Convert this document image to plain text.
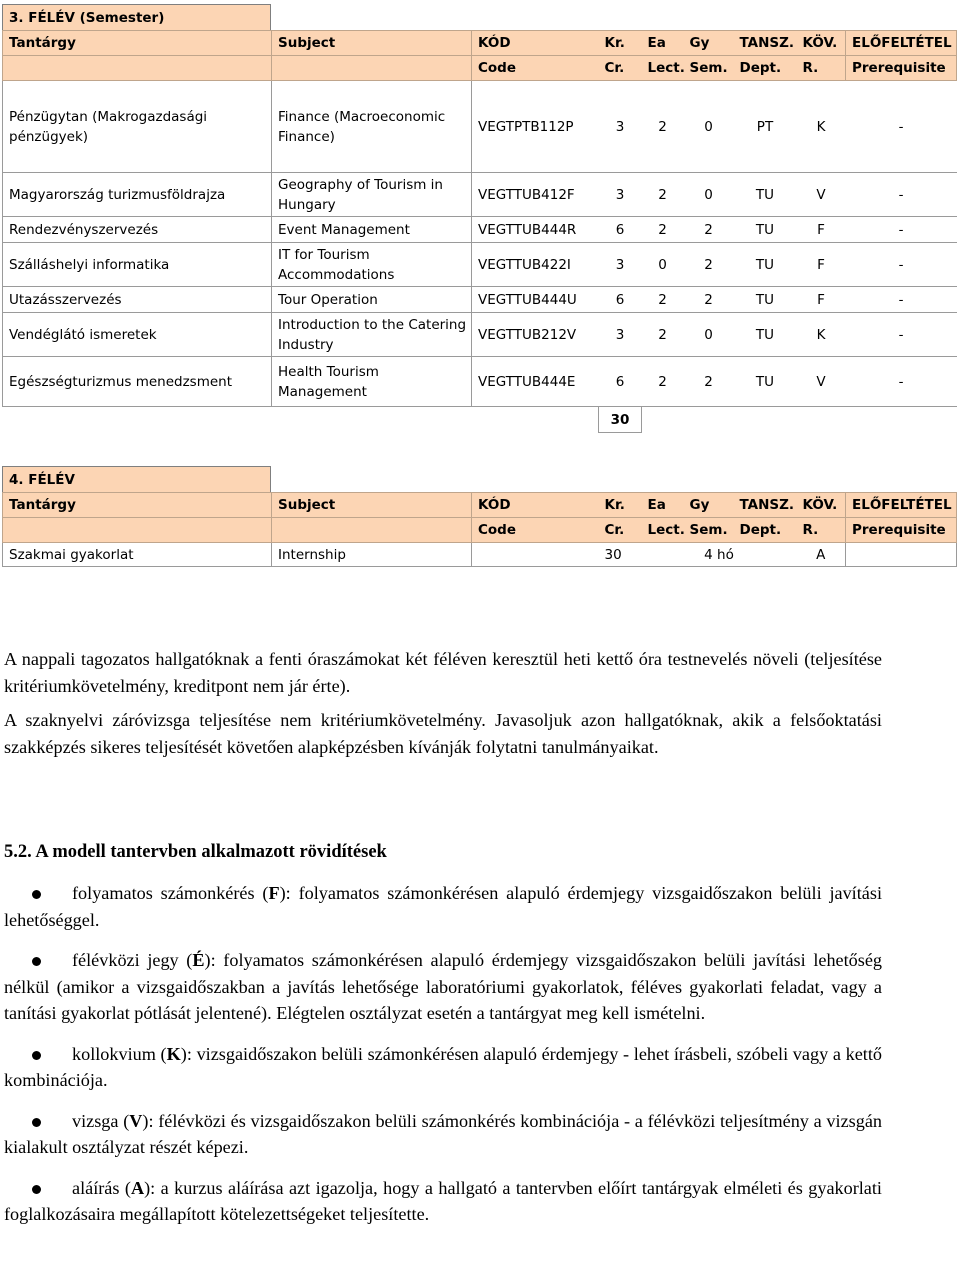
3. FÉLÉV (Semester)
Tantárgy	Subject	KÓD	Kr.	Ea	Gy	TANSZ.	KÖV.	ELŐFELTÉTEL
		Code	Cr.	Lect.	Sem.	Dept.	R.	Prerequisite
Pénzügytan (Makrogazdasági pénzügyek)	Finance (Macroeconomic Finance)	VEGTPTB112P	3	2	0	PT	K	-
Magyarország turizmusföldrajza	Geography of Tourism in Hungary	VEGTTUB412F	3	2	0	TU	V	-
Rendezvényszervezés	Event Management	VEGTTUB444R	6	2	2	TU	F	-
Szálláshelyi informatika	IT for Tourism Accommodations	VEGTTUB422I	3	0	2	TU	F	-
Utazásszervezés	Tour Operation	VEGTTUB444U	6	2	2	TU	F	-
Vendéglátó ismeretek	Introduction to the Catering Industry	VEGTTUB212V	3	2	0	TU	K	-
Egészségturizmus menedzsment	Health Tourism Management	VEGTTUB444E	6	2	2	TU	V	-
			30					
4. FÉLÉV
Tantárgy	Subject	KÓD	Kr.	Ea	Gy	TANSZ.	KÖV.	ELŐFELTÉTEL
		Code	Cr.	Lect.	Sem.	Dept.	R.	Prerequisite
Szakmai gyakorlat	Internship		30	4 hó			A	

A nappali tagozatos hallgatóknak a fenti óraszámokat két féléven keresztül heti kettő óra testnevelés növeli (teljesítése kritériumkövetelmény, kreditpont nem jár érte).

A szaknyelvi záróvizsga teljesítése nem kritériumkövetelmény. Javasoljuk azon hallgatóknak, akik a felsőoktatási szakképzés sikeres teljesítését követően alapképzésben kívánják folytatni tanulmányaikat.

5.2. A modell tantervben alkalmazott rövidítések
folyamatos számonkérés (F): folyamatos számonkérésen alapuló érdemjegy vizsgaidőszakon belüli javítási lehetőséggel.
félévközi jegy (É): folyamatos számonkérésen alapuló érdemjegy vizsgaidőszakon belüli javítási lehetőség nélkül (amikor a vizsgaidőszakban a javítás lehetősége laboratóriumi gyakorlatok, féléves gyakorlati feladat, vagy a tanítási gyakorlat pótlását jelentené). Elégtelen osztályzat esetén a tantárgyat meg kell ismételni.
kollokvium (K): vizsgaidőszakon belüli számonkérésen alapuló érdemjegy - lehet írásbeli, szóbeli vagy a kettő kombinációja.
vizsga (V): félévközi és vizsgaidőszakon belüli számonkérés kombinációja - a félévközi teljesítmény a vizsgán kialakult osztályzat részét képezi.
aláírás (A): a kurzus aláírása azt igazolja, hogy a hallgató a tantervben előírt tantárgyak elméleti és gyakorlati foglalkozásaira megállapított kötelezettségeket teljesítette.
